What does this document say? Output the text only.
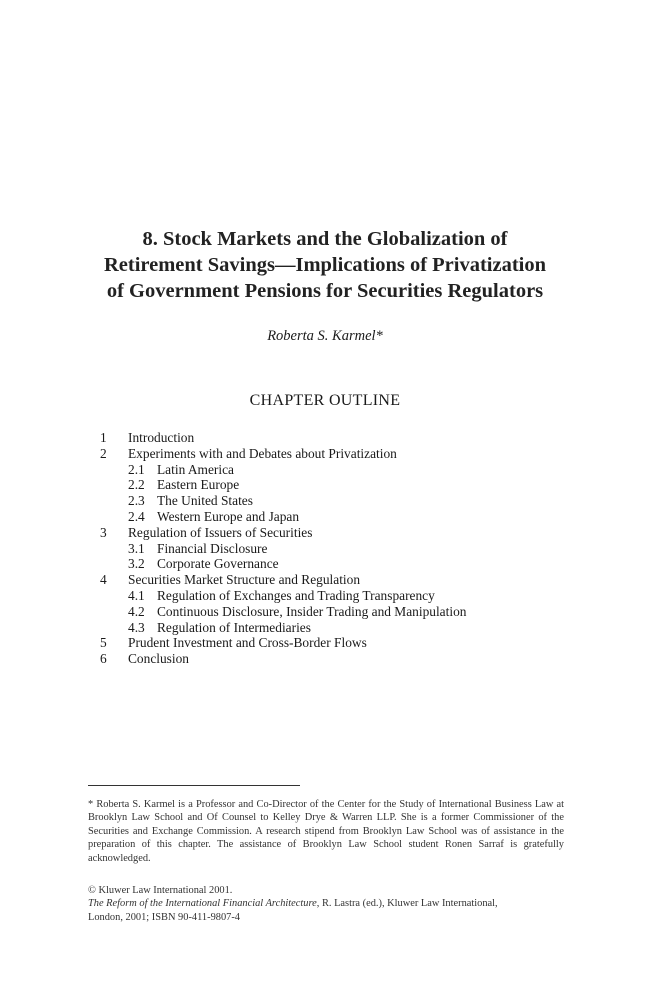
8. Stock Markets and the Globalization of
Retirement Savings—Implications of Privatization
of Government Pensions for Securities Regulators
Roberta S. Karmel*
CHAPTER OUTLINE
1	Introduction
2	Experiments with and Debates about Privatization
2.1 Latin America
2.2 Eastern Europe
2.3 The United States
2.4 Western Europe and Japan
3	Regulation of Issuers of Securities
3.1 Financial Disclosure
3.2 Corporate Governance
4	Securities Market Structure and Regulation
4.1 Regulation of Exchanges and Trading Transparency
4.2 Continuous Disclosure, Insider Trading and Manipulation
4.3 Regulation of Intermediaries
5	Prudent Investment and Cross-Border Flows
6	Conclusion
* Roberta S. Karmel is a Professor and Co-Director of the Center for the Study of International Business Law at Brooklyn Law School and Of Counsel to Kelley Drye & Warren LLP. She is a former Commissioner of the Securities and Exchange Commission. A research stipend from Brooklyn Law School was of assistance in the preparation of this chapter. The assistance of Brooklyn Law School student Ronen Sarraf is gratefully acknowledged.
© Kluwer Law International 2001.
The Reform of the International Financial Architecture, R. Lastra (ed.), Kluwer Law International,
London, 2001; ISBN 90-411-9807-4
